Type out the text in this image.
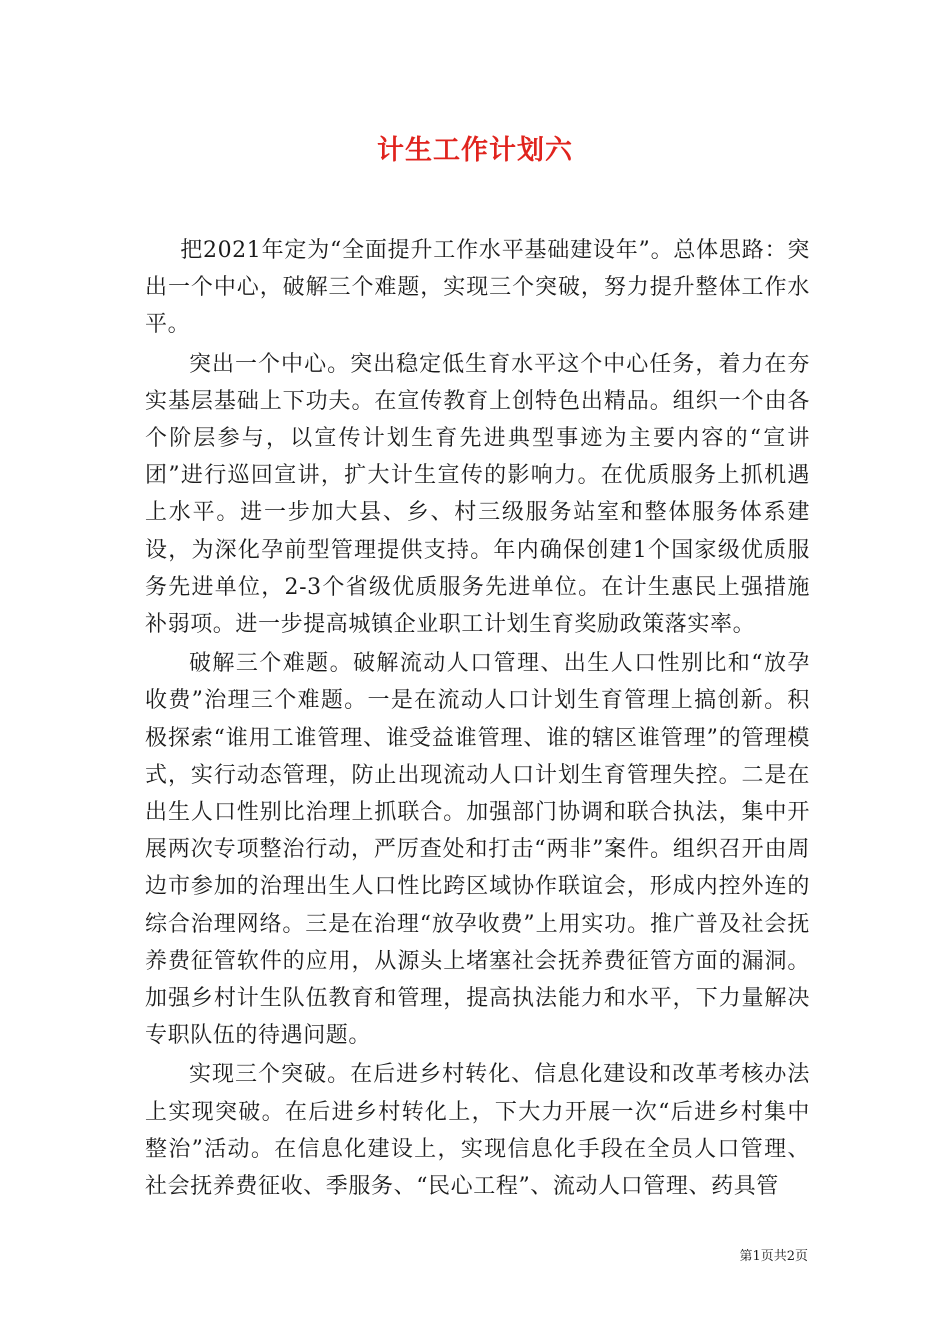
计生工作计划六

把2021年定为“全面提升工作水平基础建设年”。总体思路：突出一个中心，破解三个难题，实现三个突破，努力提升整体工作水平。

突出一个中心。突出稳定低生育水平这个中心任务，着力在夯实基层基础上下功夫。在宣传教育上创特色出精品。组织一个由各个阶层参与，以宣传计划生育先进典型事迹为主要内容的“宣讲团”进行巡回宣讲，扩大计生宣传的影响力。在优质服务上抓机遇上水平。进一步加大县、乡、村三级服务站室和整体服务体系建设，为深化孕前型管理提供支持。年内确保创建1个国家级优质服务先进单位，2-3个省级优质服务先进单位。在计生惠民上强措施补弱项。进一步提高城镇企业职工计划生育奖励政策落实率。

破解三个难题。破解流动人口管理、出生人口性别比和“放孕收费”治理三个难题。一是在流动人口计划生育管理上搞创新。积极探索“谁用工谁管理、谁受益谁管理、谁的辖区谁管理”的管理模式，实行动态管理，防止出现流动人口计划生育管理失控。二是在出生人口性别比治理上抓联合。加强部门协调和联合执法，集中开展两次专项整治行动，严厉查处和打击“两非”案件。组织召开由周边市参加的治理出生人口性比跨区域协作联谊会，形成内控外连的综合治理网络。三是在治理“放孕收费”上用实功。推广普及社会抚养费征管软件的应用，从源头上堵塞社会抚养费征管方面的漏洞。加强乡村计生队伍教育和管理，提高执法能力和水平，下力量解决专职队伍的待遇问题。

实现三个突破。在后进乡村转化、信息化建设和改革考核办法上实现突破。在后进乡村转化上，下大力开展一次“后进乡村集中整治”活动。在信息化建设上，实现信息化手段在全员人口管理、社会抚养费征收、季服务、“民心工程”、流动人口管理、药具管

第1页共2页
